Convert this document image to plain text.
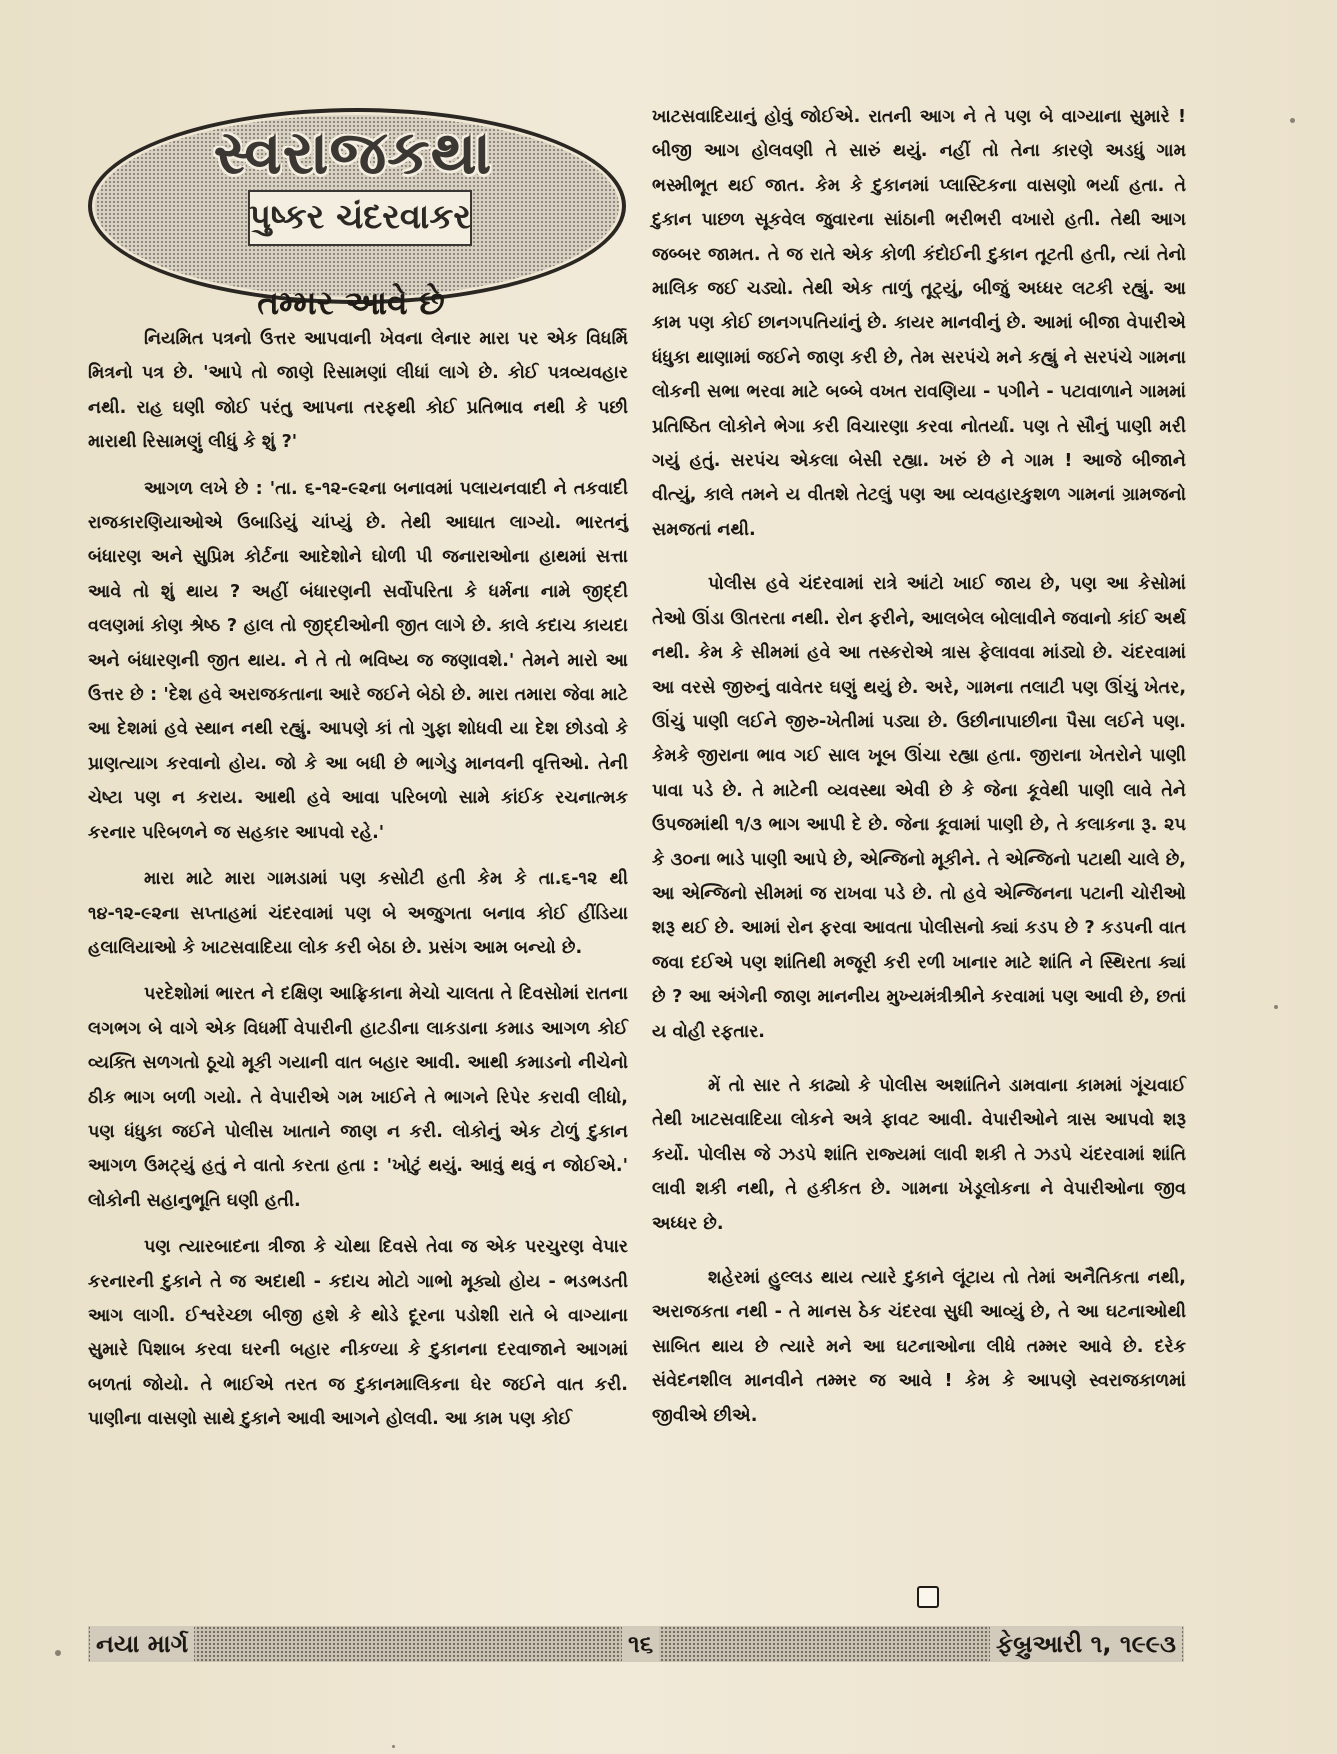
સ્વરાજકથા
પુષ્કર ચંદરવાકર
તમ્મર આવે છે

નિયમિત પત્રનો ઉત્તર આપવાની ખેવના લેનાર મારા પર એક વિધર્મિ મિત્રનો પત્ર છે. 'આપે તો જાણે રિસામણાં લીધાં લાગે છે. કોઈ પત્રવ્યવહાર નથી. રાહ ઘણી જોઈ પરંતુ આપના તરફથી કોઈ પ્રતિભાવ નથી કે પછી મારાથી રિસામણું લીધું કે શું ?'

આગળ લખે છે : 'તા. ૬-૧૨-૯૨ના બનાવમાં પલાયનવાદી ને તકવાદી રાજકારણિયાઓએ ઉબાડિયું ચાંપ્યું છે. તેથી આઘાત લાગ્યો. ભારતનું બંધારણ અને સુપ્રિમ કોર્ટના આદેશોને ઘોળી પી જનારાઓના હાથમાં સત્તા આવે તો શું થાય ? અહીં બંધારણની સર્વોપરિતા કે ધર્મના નામે જીદ્દી વલણમાં કોણ શ્રેષ્ઠ ? હાલ તો જીદ્દીઓની જીત લાગે છે. કાલે કદાચ કાયદા અને બંધારણની જીત થાય. ને તે તો ભવિષ્ય જ જણાવશે.' તેમને મારો આ ઉત્તર છે : 'દેશ હવે અરાજકતાના આરે જઈને બેઠો છે. મારા તમારા જેવા માટે આ દેશમાં હવે સ્થાન નથી રહ્યું. આપણે કાં તો ગુફા શોધવી યા દેશ છોડવો કે પ્રાણત્યાગ કરવાનો હોય. જો કે આ બધી છે ભાગેડુ માનવની વૃત્તિઓ. તેની ચેષ્ટા પણ ન કરાય. આથી હવે આવા પરિબળો સામે કાંઈક રચનાત્મક કરનાર પરિબળને જ સહકાર આપવો રહે.'

મારા માટે મારા ગામડામાં પણ કસોટી હતી કેમ કે તા.૬-૧૨ થી ૧૪-૧૨-૯૨ના સપ્તાહમાં ચંદરવામાં પણ બે અજુગતા બનાવ કોઈ હીંડિયા હલાલિયાઓ કે ખાટસવાદિયા લોક કરી બેઠા છે. પ્રસંગ આમ બન્યો છે.

પરદેશોમાં ભારત ને દક્ષિણ આફ્રિકાના મેચો ચાલતા તે દિવસોમાં રાતના લગભગ બે વાગે એક વિધર્મી વેપારીની હાટડીના લાકડાના કમાડ આગળ કોઈ વ્યક્તિ સળગતો ઠૂચો મૂકી ગયાની વાત બહાર આવી. આથી કમાડનો નીચેનો ઠીક ભાગ બળી ગયો. તે વેપારીએ ગમ ખાઈને તે ભાગને રિપેર કરાવી લીધો, પણ ધંધુકા જઈને પોલીસ ખાતાને જાણ ન કરી. લોકોનું એક ટોળું દુકાન આગળ ઉમટ્યું હતું ને વાતો કરતા હતા : 'ખોટું થયું. આવું થવું ન જોઈએ.' લોકોની સહાનુભૂતિ ઘણી હતી.

પણ ત્યારબાદના ત્રીજા કે ચોથા દિવસે તેવા જ એક પરચુરણ વેપાર કરનારની દુકાને તે જ અદાથી - કદાચ મોટો ગાભો મૂક્યો હોય - ભડભડતી આગ લાગી. ઈશ્વરેચ્છા બીજી હશે કે થોડે દૂરના પડોશી રાતે બે વાગ્યાના સુમારે પિશાબ કરવા ઘરની બહાર નીકળ્યા કે દુકાનના દરવાજાને આગમાં બળતાં જોયો. તે ભાઈએ તરત જ દુકાનમાલિકના ઘેર જઈને વાત કરી. પાણીના વાસણો સાથે દુકાને આવી આગને હોલવી. આ કામ પણ કોઈ

ખાટસવાદિયાનું હોવું જોઈએ. રાતની આગ ને તે પણ બે વાગ્યાના સુમારે ! બીજી આગ હોલવણી તે સારું થયું. નહીં તો તેના કારણે અડધું ગામ ભસ્મીભૂત થઈ જાત. કેમ કે દુકાનમાં પ્લાસ્ટિકના વાસણો ભર્યા હતા. તે દુકાન પાછળ સૂકવેલ જુવારના સાંઠાની ભરીભરી વખારો હતી. તેથી આગ જબ્બર જામત. તે જ રાતે એક કોળી કંદોઈની દુકાન તૂટતી હતી, ત્યાં તેનો માલિક જઈ ચડ્યો. તેથી એક તાળું તૂટ્યું, બીજું અધ્ધર લટકી રહ્યું. આ કામ પણ કોઈ છાનગપતિયાંનું છે. કાયર માનવીનું છે. આમાં બીજા વેપારીએ ધંધુકા થાણામાં જઈને જાણ કરી છે, તેમ સરપંચે મને કહ્યું ને સરપંચે ગામના લોકની સભા ભરવા માટે બબ્બે વખત રાવણિયા - પગીને - પટાવાળાને ગામમાં પ્રતિષ્ઠિત લોકોને ભેગા કરી વિચારણા કરવા નોતર્યા. પણ તે સૌનું પાણી મરી ગયું હતું. સરપંચ એકલા બેસી રહ્યા. ખરું છે ને ગામ ! આજે બીજાને વીત્યું, કાલે તમને ય વીતશે તેટલું પણ આ વ્યવહારકુશળ ગામનાં ગ્રામજનો સમજતાં નથી.

પોલીસ હવે ચંદરવામાં રાત્રે આંટો ખાઈ જાય છે, પણ આ કેસોમાં તેઓ ઊંડા ઊતરતા નથી. રોન ફરીને, આલબેલ બોલાવીને જવાનો કાંઈ અર્થ નથી. કેમ કે સીમમાં હવે આ તસ્કરોએ ત્રાસ ફેલાવવા માંડ્યો છે. ચંદરવામાં આ વરસે જીરુનું વાવેતર ઘણું થયું છે. અરે, ગામના તલાટી પણ ઊંચું ખેતર, ઊંચું પાણી લઈને જીરુ-ખેતીમાં પડ્યા છે. ઉછીનાપાછીના પૈસા લઈને પણ. કેમકે જીરાના ભાવ ગઈ સાલ ખૂબ ઊંચા રહ્યા હતા. જીરાના ખેતરોને પાણી પાવા પડે છે. તે માટેની વ્યવસ્થા એવી છે કે જેના કૂવેથી પાણી લાવે તેને ઉપજમાંથી ૧/૩ ભાગ આપી દે છે. જેના કૂવામાં પાણી છે, તે કલાકના રૂ. ૨૫ કે ૩૦ના ભાડે પાણી આપે છે, એન્જિનો મૂકીને. તે એન્જિનો પટાથી ચાલે છે, આ એન્જિનો સીમમાં જ રાખવા પડે છે. તો હવે એન્જિનના પટાની ચોરીઓ શરૂ થઈ છે. આમાં રોન ફરવા આવતા પોલીસનો ક્યાં કડપ છે ? કડપની વાત જવા દઈએ પણ શાંતિથી મજૂરી કરી રળી ખાનાર માટે શાંતિ ને સ્થિરતા ક્યાં છે ? આ અંગેની જાણ માનનીય મુખ્યમંત્રીશ્રીને કરવામાં પણ આવી છે, છતાં ય વોહી રફતાર.

મેં તો સાર તે કાઢ્યો કે પોલીસ અશાંતિને ડામવાના કામમાં ગૂંચવાઈ તેથી ખાટસવાદિયા લોકને અત્રે ફાવટ આવી. વેપારીઓને ત્રાસ આપવો શરૂ કર્યો. પોલીસ જે ઝડપે શાંતિ રાજ્યમાં લાવી શકી તે ઝડપે ચંદરવામાં શાંતિ લાવી શકી નથી, તે હકીકત છે. ગામના ખેડૂલોકના ને વેપારીઓના જીવ અધ્ધર છે.

શહેરમાં હુલ્લડ થાય ત્યારે દુકાને લૂંટાય તો તેમાં અનૈતિકતા નથી, અરાજકતા નથી - તે માનસ ઠેક ચંદરવા સુધી આવ્યું છે, તે આ ઘટનાઓથી સાબિત થાય છે ત્યારે મને આ ઘટનાઓના લીધે તમ્મર આવે છે. દરેક સંવેદનશીલ માનવીને તમ્મર જ આવે ! કેમ કે આપણે સ્વરાજકાળમાં જીવીએ છીએ.

નયા માર્ગ	૧૬	ફેબ્રુઆરી ૧, ૧૯૯૩
